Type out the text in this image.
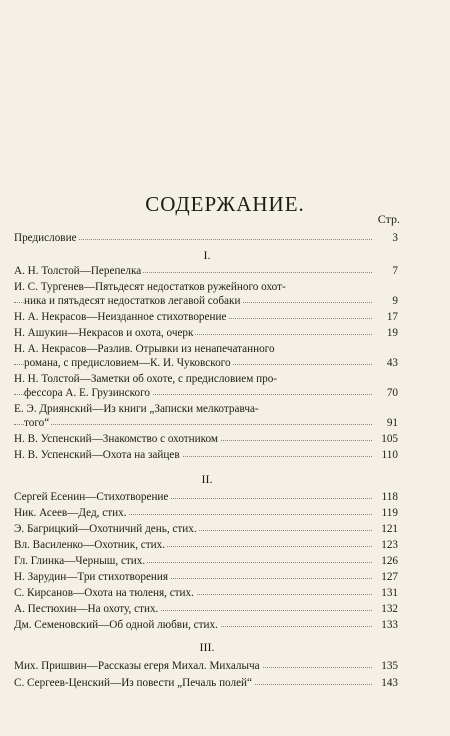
СОДЕРЖАНИЕ.
Стр.
Предисловие	3
I.
А. Н. Толстой—Перепелка	7
И. С. Тургенев—Пятьдесят недостатков ружейного охот-
ника и пятьдесят недостатков легавой собаки	9
Н. А. Некрасов—Неизданное стихотворение	17
Н. Ашукин—Некрасов и охота, очерк	19
Н. А. Некрасов—Разлив. Отрывки из ненапечатанного
романа, с предисловием—К. И. Чуковского	43
Н. Н. Толстой—Заметки об охоте, с предисловием про-
фессора А. Е. Грузинского	70
Е. Э. Дриянский—Из книги „Записки мелкотравча-
того“	91
Н. В. Успенский—Знакомство с охотником	105
Н. В. Успенский—Охота на зайцев	110
II.
Сергей Есенин—Стихотворение	118
Ник. Асеев—Дед, стих.	119
Э. Багрицкий—Охотничий день, стих.	121
Вл. Василенко—Охотник, стих.	123
Гл. Глинка—Черныш, стих.	126
Н. Зарудин—Три стихотворения	127
С. Кирсанов—Охота на тюленя, стих.	131
А. Пестюхин—На охоту, стих.	132
Дм. Семеновский—Об одной любви, стих.	133
III.
Мих. Пришвин—Рассказы егеря Михал. Михалыча	135
С. Сергеев-Ценский—Из повести „Печаль полей“	143
